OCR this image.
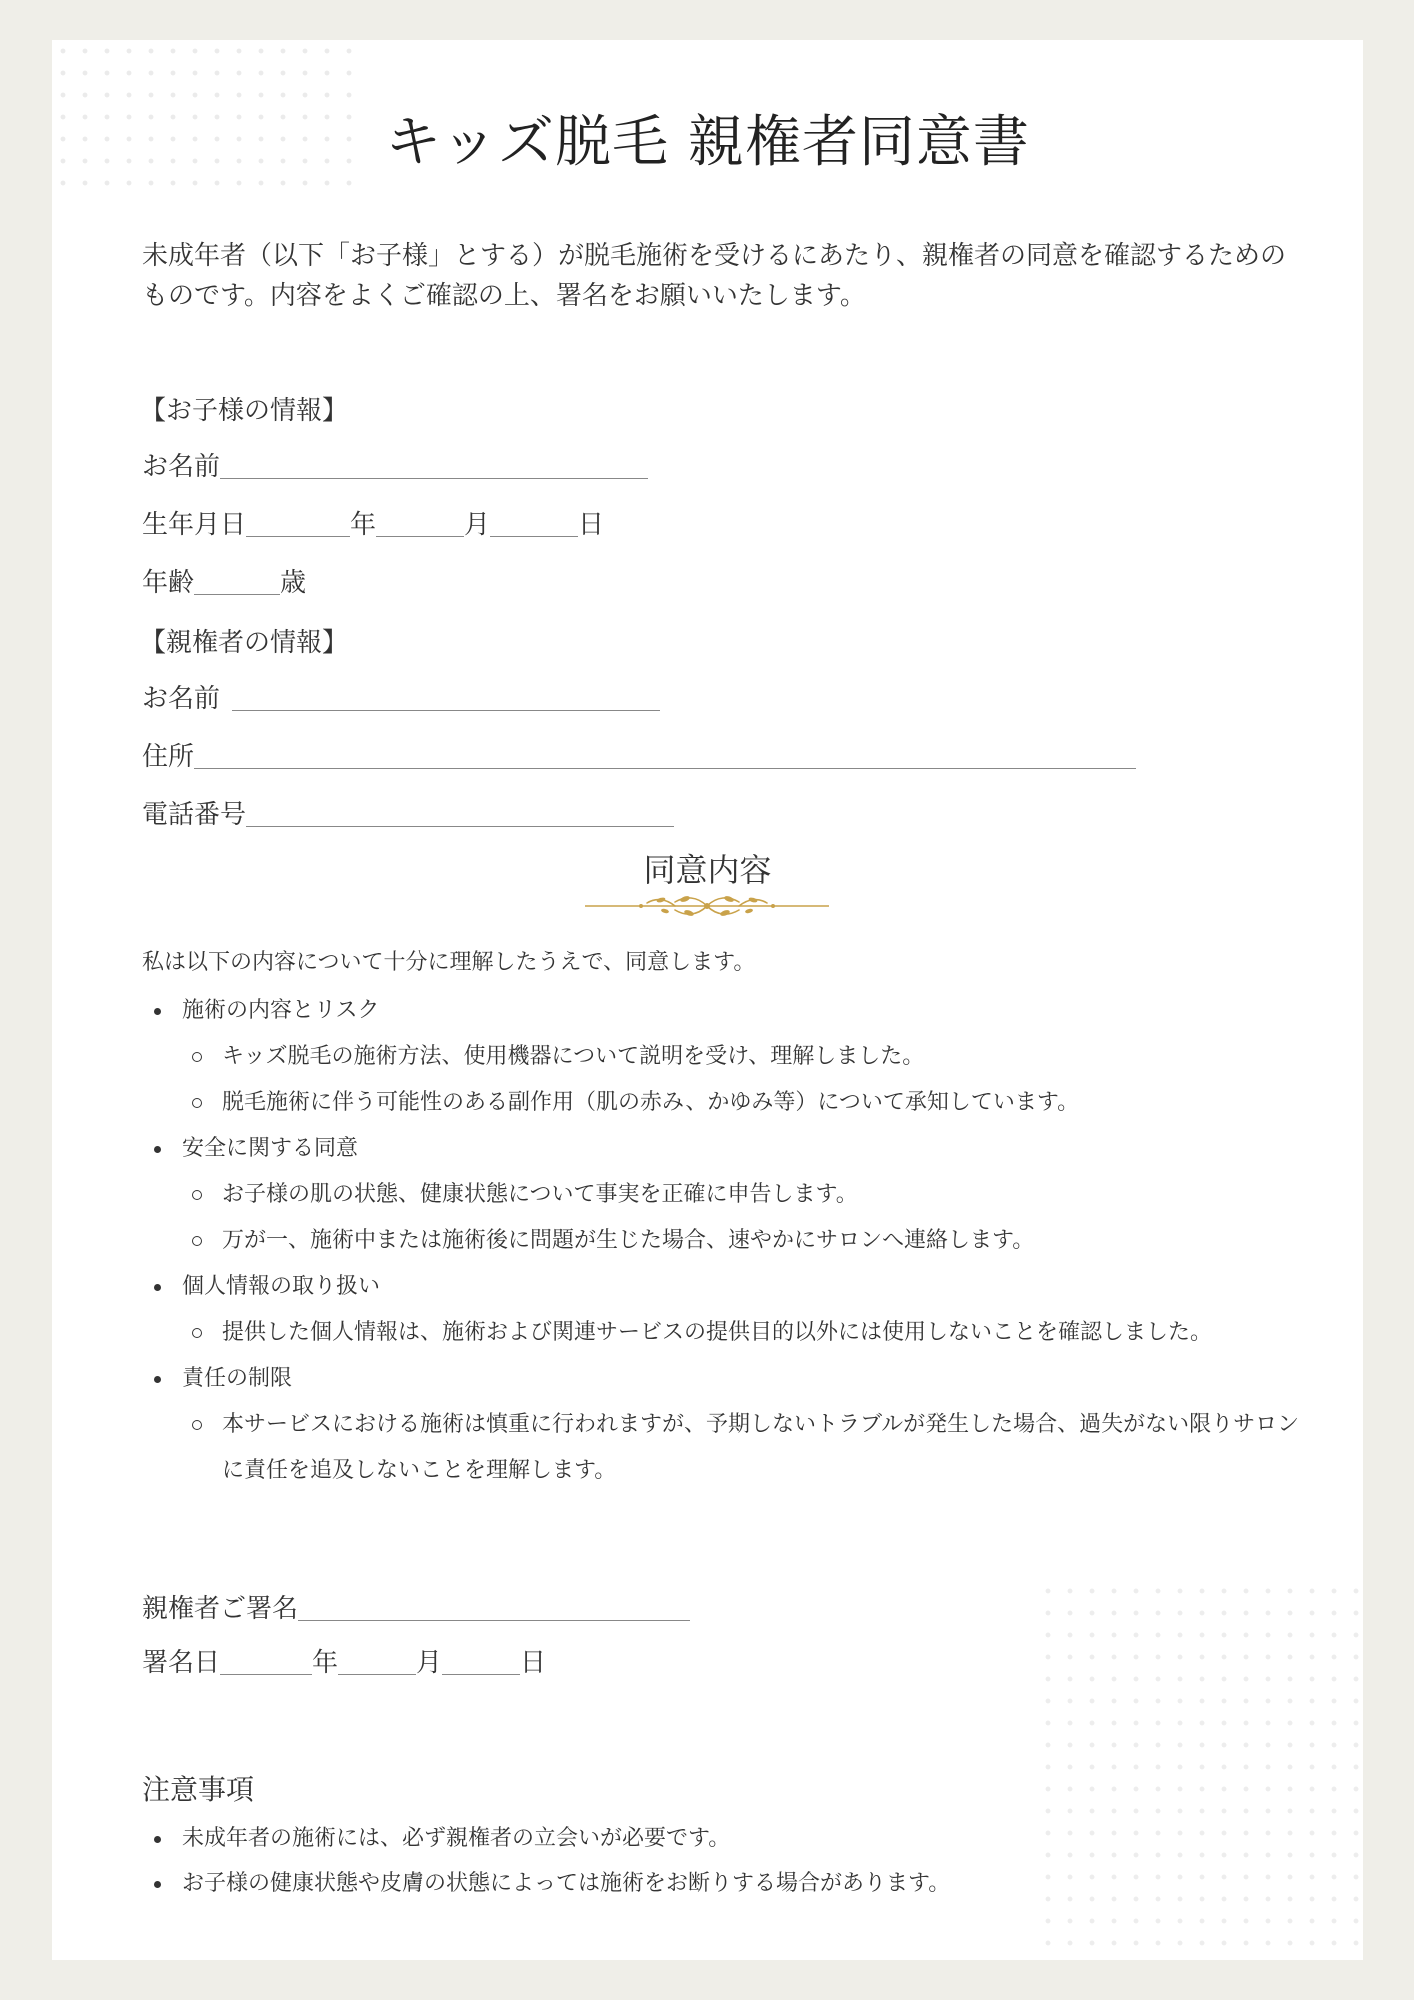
キッズ脱毛 親権者同意書

未成年者（以下「お子様」とする）が脱毛施術を受けるにあたり、親権者の同意を確認するためのものです。内容をよくご確認の上、署名をお願いいたします。

【お子様の情報】
お名前
生年月日	年	月	日
年齢	歳
【親権者の情報】
お名前
住所
電話番号
同意内容
私は以下の内容について十分に理解したうえで、同意します。
施術の内容とリスク
キッズ脱毛の施術方法、使用機器について説明を受け、理解しました。
脱毛施術に伴う可能性のある副作用（肌の赤み、かゆみ等）について承知しています。
安全に関する同意
お子様の肌の状態、健康状態について事実を正確に申告します。
万が一、施術中または施術後に問題が生じた場合、速やかにサロンへ連絡します。
個人情報の取り扱い
提供した個人情報は、施術および関連サービスの提供目的以外には使用しないことを確認しました。
責任の制限
本サービスにおける施術は慎重に行われますが、予期しないトラブルが発生した場合、過失がない限りサロンに責任を追及しないことを理解します。
親権者ご署名
署名日	年	月	日
注意事項
未成年者の施術には、必ず親権者の立会いが必要です。
お子様の健康状態や皮膚の状態によっては施術をお断りする場合があります。
